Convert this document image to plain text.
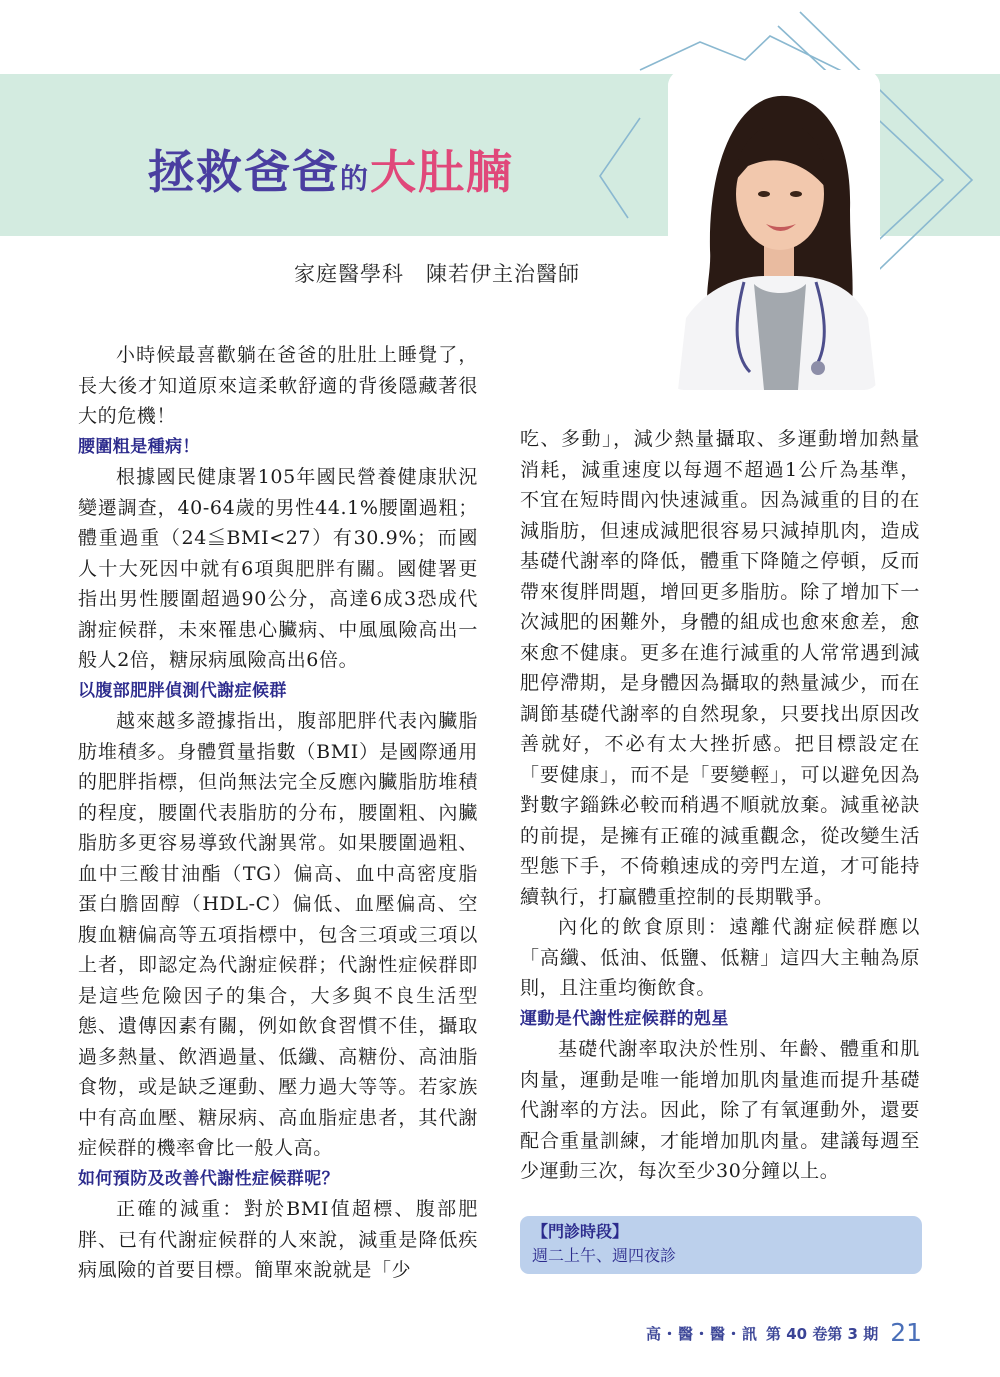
拯救爸爸的大肚腩
家庭醫學科 陳若伊主治醫師

小時候最喜歡躺在爸爸的肚肚上睡覺了，長大後才知道原來這柔軟舒適的背後隱藏著很大的危機！

腰圍粗是種病！

根據國民健康署105年國民營養健康狀況變遷調查，40-64歲的男性44.1%腰圍過粗；體重過重（24≦BMI<27）有30.9%；而國人十大死因中就有6項與肥胖有關。國健署更指出男性腰圍超過90公分，高達6成3恐成代謝症候群，未來罹患心臟病、中風風險高出一般人2倍，糖尿病風險高出6倍。

以腹部肥胖偵測代謝症候群

越來越多證據指出，腹部肥胖代表內臟脂肪堆積多。身體質量指數（BMI）是國際通用的肥胖指標，但尚無法完全反應內臟脂肪堆積的程度，腰圍代表脂肪的分布，腰圍粗、內臟脂肪多更容易導致代謝異常。如果腰圍過粗、血中三酸甘油酯（TG）偏高、血中高密度脂蛋白膽固醇（HDL-C）偏低、血壓偏高、空腹血糖偏高等五項指標中，包含三項或三項以上者，即認定為代謝症候群；代謝性症候群即是這些危險因子的集合，大多與不良生活型態、遺傳因素有關，例如飲食習慣不佳，攝取過多熱量、飲酒過量、低纖、高糖份、高油脂食物，或是缺乏運動、壓力過大等等。若家族中有高血壓、糖尿病、高血脂症患者，其代謝症候群的機率會比一般人高。

如何預防及改善代謝性症候群呢？

正確的減重：對於BMI值超標、腹部肥胖、已有代謝症候群的人來說，減重是降低疾病風險的首要目標。簡單來說就是「少

吃、多動」，減少熱量攝取、多運動增加熱量消耗，減重速度以每週不超過1公斤為基準，不宜在短時間內快速減重。因為減重的目的在減脂肪，但速成減肥很容易只減掉肌肉，造成基礎代謝率的降低，體重下降隨之停頓，反而帶來復胖問題，增回更多脂肪。除了增加下一次減肥的困難外，身體的組成也愈來愈差，愈來愈不健康。更多在進行減重的人常常遇到減肥停滯期，是身體因為攝取的熱量減少，而在調節基礎代謝率的自然現象，只要找出原因改善就好，不必有太大挫折感。把目標設定在「要健康」，而不是「要變輕」，可以避免因為對數字錙銖必較而稍遇不順就放棄。減重祕訣的前提，是擁有正確的減重觀念，從改變生活型態下手，不倚賴速成的旁門左道，才可能持續執行，打贏體重控制的長期戰爭。

內化的飲食原則：遠離代謝症候群應以「高纖、低油、低鹽、低糖」這四大主軸為原則，且注重均衡飲食。

運動是代謝性症候群的剋星

基礎代謝率取決於性別、年齡、體重和肌肉量，運動是唯一能增加肌肉量進而提升基礎代謝率的方法。因此，除了有氧運動外，還要配合重量訓練，才能增加肌肉量。建議每週至少運動三次，每次至少30分鐘以上。

【門診時段】
週二上午、週四夜診
高・醫・醫・訊 第 40 卷第 3 期 21
